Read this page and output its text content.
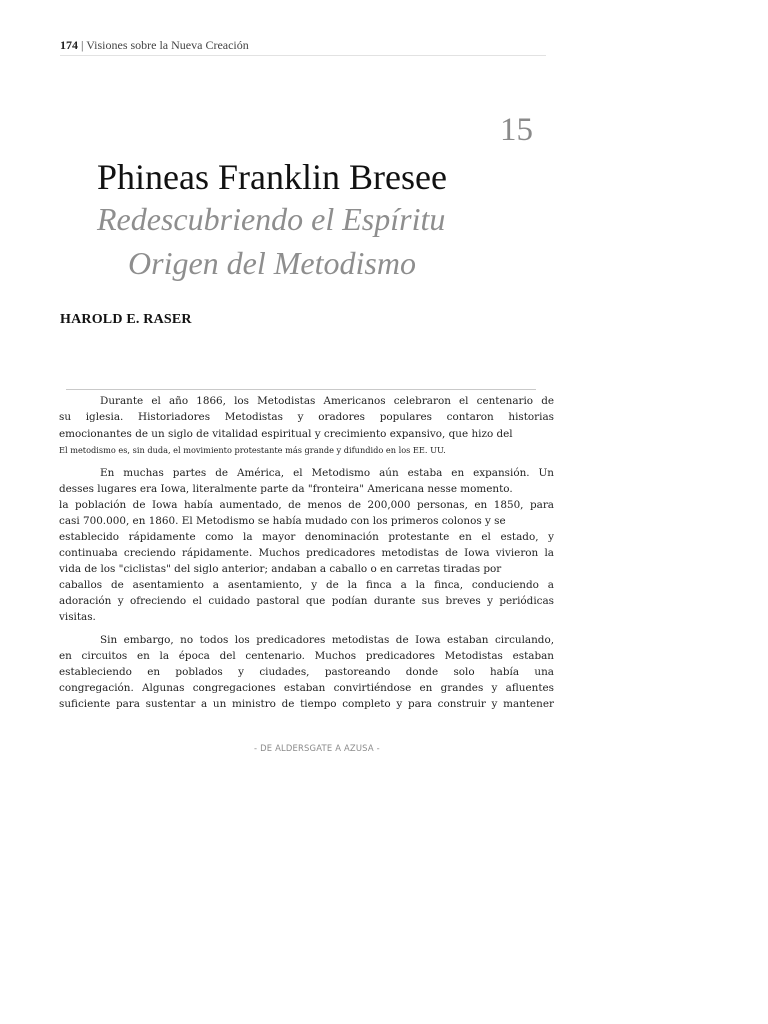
174 | Visiones sobre la Nueva Creación
15
Phineas Franklin Bresee
Redescubriendo el Espíritu
Origen del Metodismo
HAROLD E. RASER
Durante el año 1866, los Metodistas Americanos celebraron el centenario de
su iglesia. Historiadores Metodistas y oradores populares contaron historias
emocionantes de un siglo de vitalidad espiritual y crecimiento expansivo, que hizo del
El metodismo es, sin duda, el movimiento protestante más grande y difundido en los EE. UU.
En muchas partes de América, el Metodismo aún estaba en expansión. Un
desses lugares era Iowa, literalmente parte da "fronteira" Americana nesse momento.
la población de Iowa había aumentado, de menos de 200,000 personas, en 1850, para
casi 700.000, en 1860. El Metodismo se había mudado con los primeros colonos y se
establecido rápidamente como la mayor denominación protestante en el estado, y
continuaba creciendo rápidamente. Muchos predicadores metodistas de Iowa vivieron la
vida de los "ciclistas" del siglo anterior; andaban a caballo o en carretas tiradas por
caballos de asentamiento a asentamiento, y de la finca a la finca, conduciendo a
adoración y ofreciendo el cuidado pastoral que podían durante sus breves y periódicas
visitas.
Sin embargo, no todos los predicadores metodistas de Iowa estaban circulando,
en circuitos en la época del centenario. Muchos predicadores Metodistas estaban
estableciendo en poblados y ciudades, pastoreando donde solo había una
congregación. Algunas congregaciones estaban convirtiéndose en grandes y afluentes
suficiente para sustentar a un ministro de tiempo completo y para construir y mantener
- DE ALDERSGATE A AZUSA -
